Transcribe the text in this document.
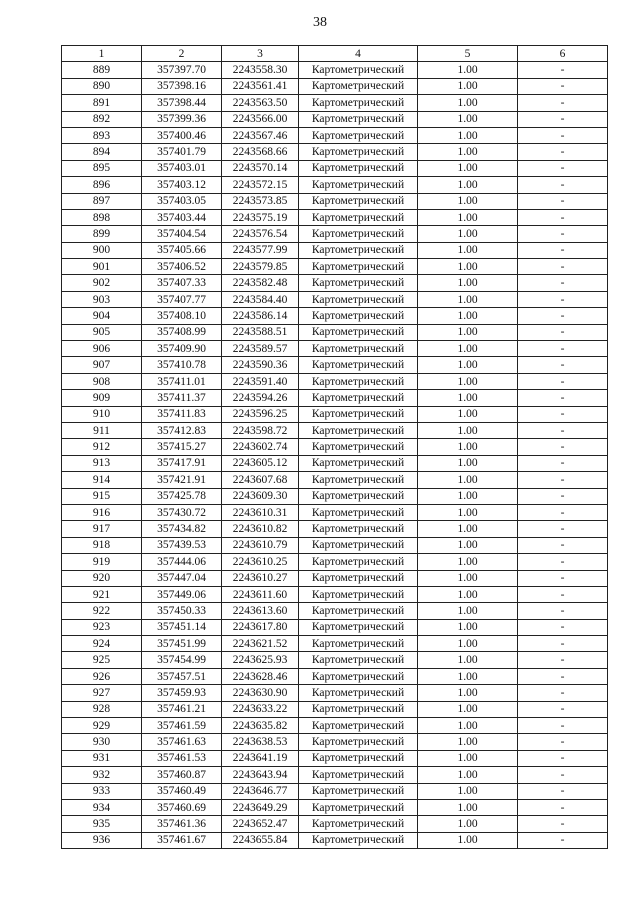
38
1	2	3	4	5	6
889	357397.70	2243558.30	Картометрический	1.00	-
890	357398.16	2243561.41	Картометрический	1.00	-
891	357398.44	2243563.50	Картометрический	1.00	-
892	357399.36	2243566.00	Картометрический	1.00	-
893	357400.46	2243567.46	Картометрический	1.00	-
894	357401.79	2243568.66	Картометрический	1.00	-
895	357403.01	2243570.14	Картометрический	1.00	-
896	357403.12	2243572.15	Картометрический	1.00	-
897	357403.05	2243573.85	Картометрический	1.00	-
898	357403.44	2243575.19	Картометрический	1.00	-
899	357404.54	2243576.54	Картометрический	1.00	-
900	357405.66	2243577.99	Картометрический	1.00	-
901	357406.52	2243579.85	Картометрический	1.00	-
902	357407.33	2243582.48	Картометрический	1.00	-
903	357407.77	2243584.40	Картометрический	1.00	-
904	357408.10	2243586.14	Картометрический	1.00	-
905	357408.99	2243588.51	Картометрический	1.00	-
906	357409.90	2243589.57	Картометрический	1.00	-
907	357410.78	2243590.36	Картометрический	1.00	-
908	357411.01	2243591.40	Картометрический	1.00	-
909	357411.37	2243594.26	Картометрический	1.00	-
910	357411.83	2243596.25	Картометрический	1.00	-
911	357412.83	2243598.72	Картометрический	1.00	-
912	357415.27	2243602.74	Картометрический	1.00	-
913	357417.91	2243605.12	Картометрический	1.00	-
914	357421.91	2243607.68	Картометрический	1.00	-
915	357425.78	2243609.30	Картометрический	1.00	-
916	357430.72	2243610.31	Картометрический	1.00	-
917	357434.82	2243610.82	Картометрический	1.00	-
918	357439.53	2243610.79	Картометрический	1.00	-
919	357444.06	2243610.25	Картометрический	1.00	-
920	357447.04	2243610.27	Картометрический	1.00	-
921	357449.06	2243611.60	Картометрический	1.00	-
922	357450.33	2243613.60	Картометрический	1.00	-
923	357451.14	2243617.80	Картометрический	1.00	-
924	357451.99	2243621.52	Картометрический	1.00	-
925	357454.99	2243625.93	Картометрический	1.00	-
926	357457.51	2243628.46	Картометрический	1.00	-
927	357459.93	2243630.90	Картометрический	1.00	-
928	357461.21	2243633.22	Картометрический	1.00	-
929	357461.59	2243635.82	Картометрический	1.00	-
930	357461.63	2243638.53	Картометрический	1.00	-
931	357461.53	2243641.19	Картометрический	1.00	-
932	357460.87	2243643.94	Картометрический	1.00	-
933	357460.49	2243646.77	Картометрический	1.00	-
934	357460.69	2243649.29	Картометрический	1.00	-
935	357461.36	2243652.47	Картометрический	1.00	-
936	357461.67	2243655.84	Картометрический	1.00	-
